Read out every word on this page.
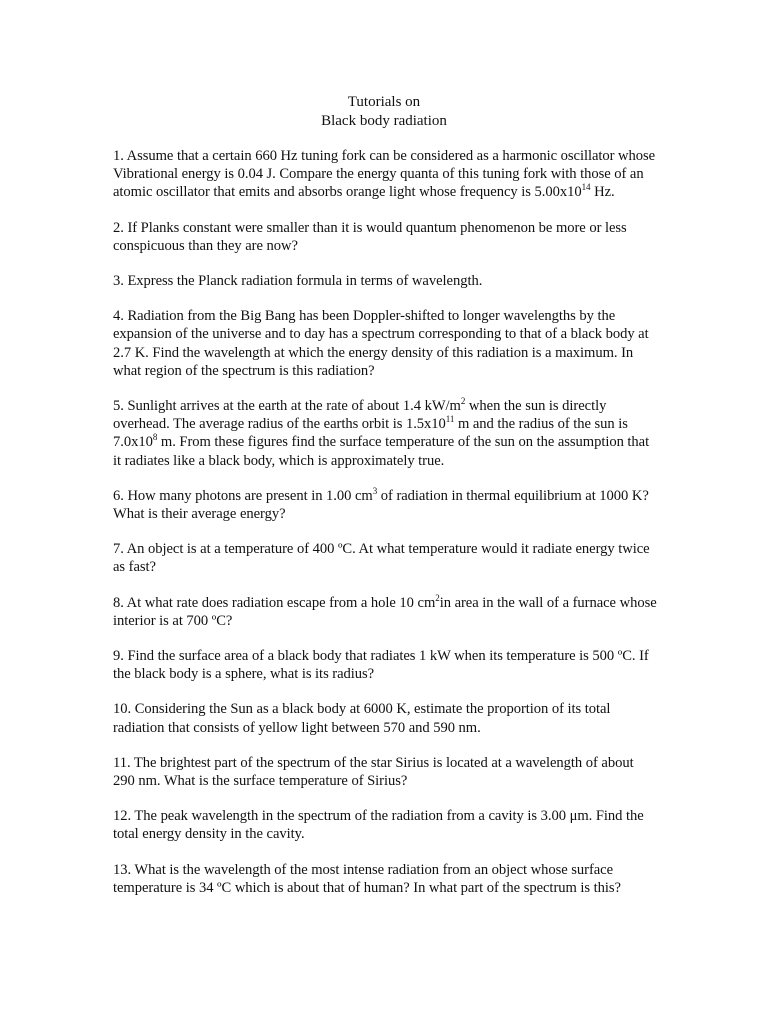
Tutorials on
Black body radiation

1. Assume that a certain 660 Hz tuning fork can be considered as a harmonic oscillator whose Vibrational energy is 0.04 J. Compare the energy quanta of this tuning fork with those of an atomic oscillator that emits and absorbs orange light whose frequency is $5.00x10^{14}$ Hz.

2. If Planks constant were smaller than it is would quantum phenomenon be more or less conspicuous than they are now?

3. Express the Planck radiation formula in terms of wavelength.

4. Radiation from the Big Bang has been Doppler-shifted to longer wavelengths by the expansion of the universe and to day has a spectrum corresponding to that of a black body at 2.7 K. Find the wavelength at which the energy density of this radiation is a maximum. In what region of the spectrum is this radiation?

5. Sunlight arrives at the earth at the rate of about 1.4 $kW/m^2$ when the sun is directly overhead. The average radius of the earths orbit is $1.5x10^{11}$ m and the radius of the sun is $7.0x10^8$ m. From these figures find the surface temperature of the sun on the assumption that it radiates like a black body, which is approximately true.

6. How many photons are present in 1.00 $cm^3$ of radiation in thermal equilibrium at 1000 K? What is their average energy?

7. An object is at a temperature of 400 ºC. At what temperature would it radiate energy twice as fast?

8. At what rate does radiation escape from a hole 10 $cm^2in$ area in the wall of a furnace whose interior is at 700 ºC?

9. Find the surface area of a black body that radiates 1 kW when its temperature is 500 ºC. If the black body is a sphere, what is its radius?

10. Considering the Sun as a black body at 6000 K, estimate the proportion of its total radiation that consists of yellow light between 570 and 590 nm.

11. The brightest part of the spectrum of the star Sirius is located at a wavelength of about 290 nm. What is the surface temperature of Sirius?

12. The peak wavelength in the spectrum of the radiation from a cavity is 3.00 μm. Find the total energy density in the cavity.

13. What is the wavelength of the most intense radiation from an object whose surface temperature is 34 ºC which is about that of human? In what part of the spectrum is this?
